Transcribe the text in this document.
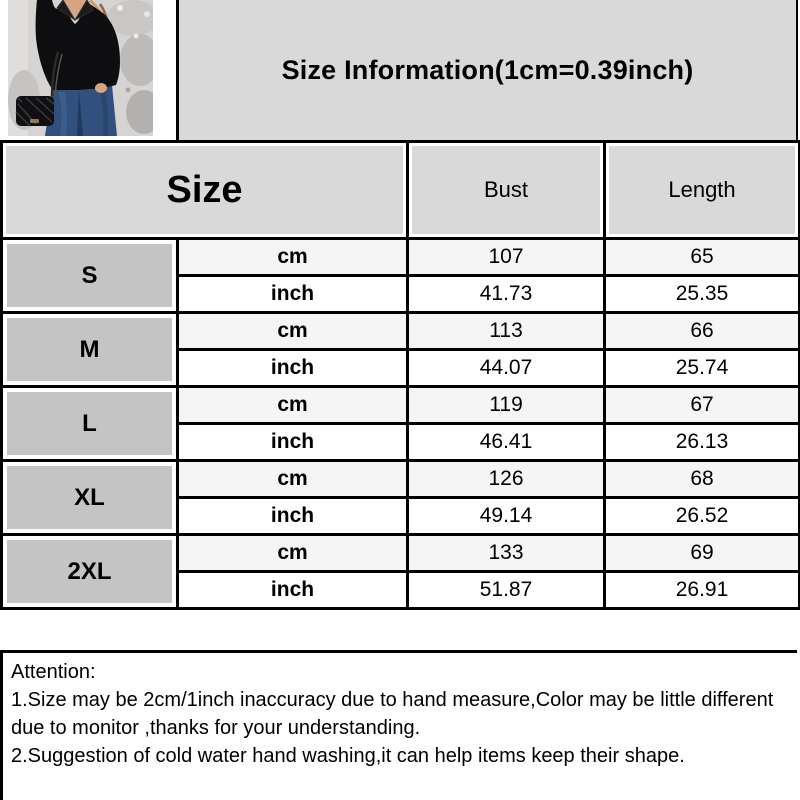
Size Information(1cm=0.39inch)
Size		Bust	Length
S	cm	107	65
	inch	41.73	25.35
M	cm	113	66
	inch	44.07	25.74
L	cm	119	67
	inch	46.41	26.13
XL	cm	126	68
	inch	49.14	26.52
2XL	cm	133	69
	inch	51.87	26.91
Attention:
1.Size may be 2cm/1inch inaccuracy due to hand measure,Color may be little different due to monitor ,thanks for your understanding.
2.Suggestion of cold water hand washing,it can help items keep their shape.
